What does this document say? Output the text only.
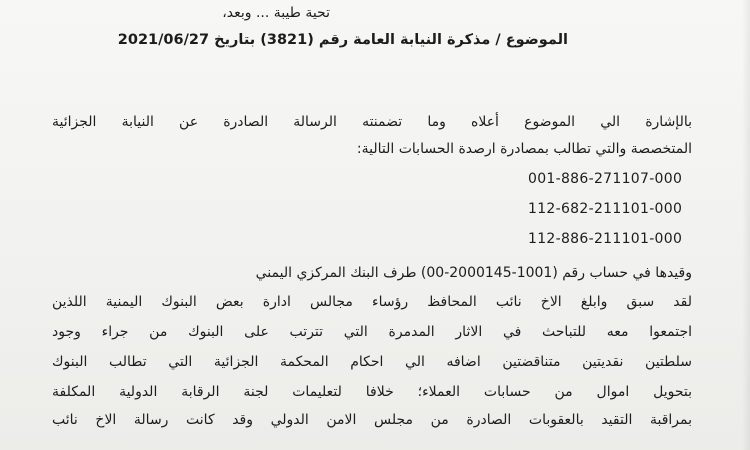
تحية طيبة ... وبعد،
الموضوع / مذكرة النيابة العامة رقم (3821) بتاريخ 2021/06/27
بالإشارة الي الموضوع أعلاه وما تضمنته الرسالة الصادرة عن النيابة الجزائية
المتخصصة والتي تطالب بمصادرة ارصدة الحسابات التالية:
001-886-271107-000
112-682-211101-000
112-886-211101-000
وقيدها في حساب رقم (1001-2000145-00) طرف البنك المركزي اليمني
لقد سبق وابلغ الاخ نائب المحافظ رؤساء مجالس ادارة بعض البنوك اليمنية اللذين
اجتمعوا معه للتباحث في الاثار المدمرة التي تترتب على البنوك من جراء وجود
سلطتين نقديتين متناقضتين اضافه الي احكام المحكمة الجزائية التي تطالب البنوك
بتحويل اموال من حسابات العملاء؛ خلافا لتعليمات لجنة الرقابة الدولية المكلفة
بمراقبة التقيد بالعقوبات الصادرة من مجلس الامن الدولي وقد كانت رسالة الاخ نائب
